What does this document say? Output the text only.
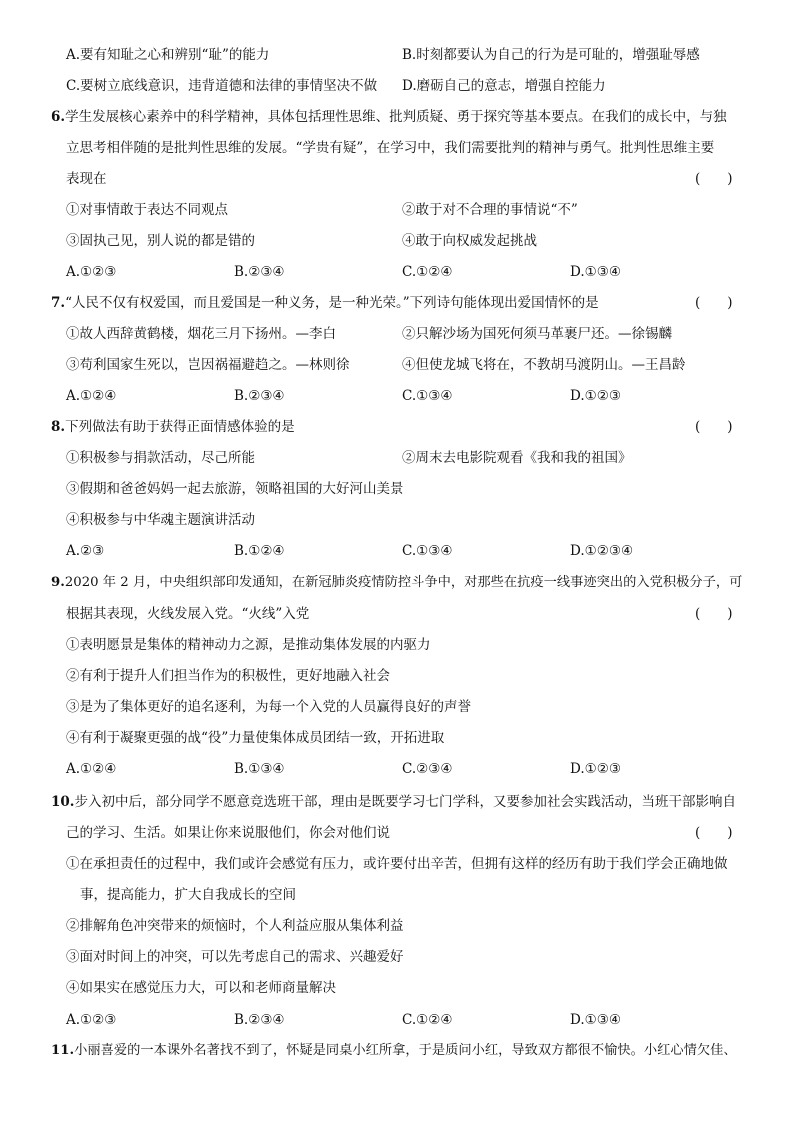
A.要有知耻之心和辨别“耻”的能力	B.时刻都要认为自己的行为是可耻的，增强耻辱感
C.要树立底线意识，违背道德和法律的事情坚决不做 D.磨砺自己的意志，增强自控能力
6.学生发展核心素养中的科学精神，具体包括理性思维、批判质疑、勇于探究等基本要点。在我们的成长中，与独
立思考相伴随的是批判性思维的发展。“学贵有疑”，在学习中，我们需要批判的精神与勇气。批判性思维主要
表现在	(　　)
①对事情敢于表达不同观点	②敢于对不合理的事情说“不”
③固执己见，别人说的都是错的	④敢于向权威发起挑战
A.①②③	B.②③④	C.①②④	D.①③④
7.“人民不仅有权爱国，而且爱国是一种义务，是一种光荣。”下列诗句能体现出爱国情怀的是	(　　)
①故人西辞黄鹤楼，烟花三月下扬州。—李白	②只解沙场为国死何须马革裹尸还。—徐锡麟
③苟利国家生死以，岂因祸福避趋之。—林则徐	④但使龙城飞将在，不教胡马渡阴山。—王昌龄
A.①②④	B.②③④	C.①③④	D.①②③
8.下列做法有助于获得正面情感体验的是	(　　)
①积极参与捐款活动，尽己所能	②周末去电影院观看《我和我的祖国》
③假期和爸爸妈妈一起去旅游，领略祖国的大好河山美景
④积极参与中华魂主题演讲活动
A.②③	B.①②④	C.①③④	D.①②③④
9.2020 年 2 月，中央组织部印发通知，在新冠肺炎疫情防控斗争中，对那些在抗疫一线事迹突出的入党积极分子，可
根据其表现，火线发展入党。“火线”入党	(　　)
①表明愿景是集体的精神动力之源，是推动集体发展的内驱力
②有利于提升人们担当作为的积极性，更好地融入社会
③是为了集体更好的追名逐利，为每一个入党的人员赢得良好的声誉
④有利于凝聚更强的战“役”力量使集体成员团结一致，开拓进取
A.①②④	B.①③④	C.②③④	D.①②③
10.步入初中后，部分同学不愿意竞选班干部，理由是既要学习七门学科，又要参加社会实践活动，当班干部影响自
己的学习、生活。如果让你来说服他们，你会对他们说	(　　)
①在承担责任的过程中，我们或许会感觉有压力，或许要付出辛苦，但拥有这样的经历有助于我们学会正确地做
事，提高能力，扩大自我成长的空间
②排解角色冲突带来的烦恼时，个人利益应服从集体利益
③面对时间上的冲突，可以先考虑自己的需求、兴趣爱好
④如果实在感觉压力大，可以和老师商量解决
A.①②③	B.②③④	C.①②④	D.①③④
11.小丽喜爱的一本课外名著找不到了，怀疑是同桌小红所拿，于是质问小红，导致双方都很不愉快。小红心情欠佳、
